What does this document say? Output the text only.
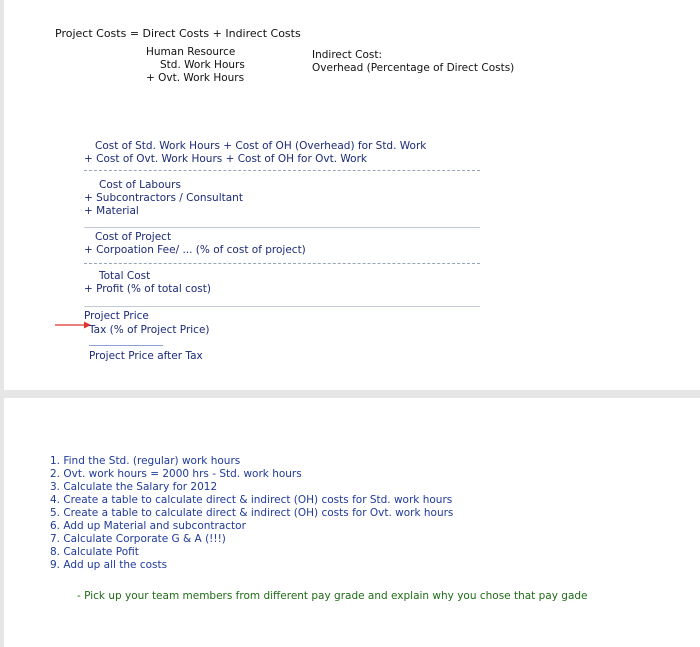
Project Costs = Direct Costs + Indirect Costs
Human Resource
Std. Work Hours
+ Ovt. Work Hours
Indirect Cost:
Overhead (Percentage of Direct Costs)
Cost of Std. Work Hours + Cost of OH (Overhead) for Std. Work
+ Cost of Ovt. Work Hours + Cost of OH for Ovt. Work
Cost of Labours
+ Subcontractors / Consultant
+ Material
Cost of Project
+ Corpoation Fee/ ... (% of cost of project)
Total Cost
+ Profit (% of total cost)
Project Price
Tax (% of Project Price)
Project Price after Tax
1. Find the Std. (regular) work hours
2. Ovt. work hours = 2000 hrs - Std. work hours
3. Calculate the Salary for 2012
4. Create a table to calculate direct & indirect (OH) costs for Std. work hours
5. Create a table to calculate direct & indirect (OH) costs for Ovt. work hours
6. Add up Material and subcontractor
7. Calculate Corporate G & A (!!!)
8. Calculate Pofit
9. Add up all the costs
- Pick up your team members from different pay grade and explain why you chose that pay gade
